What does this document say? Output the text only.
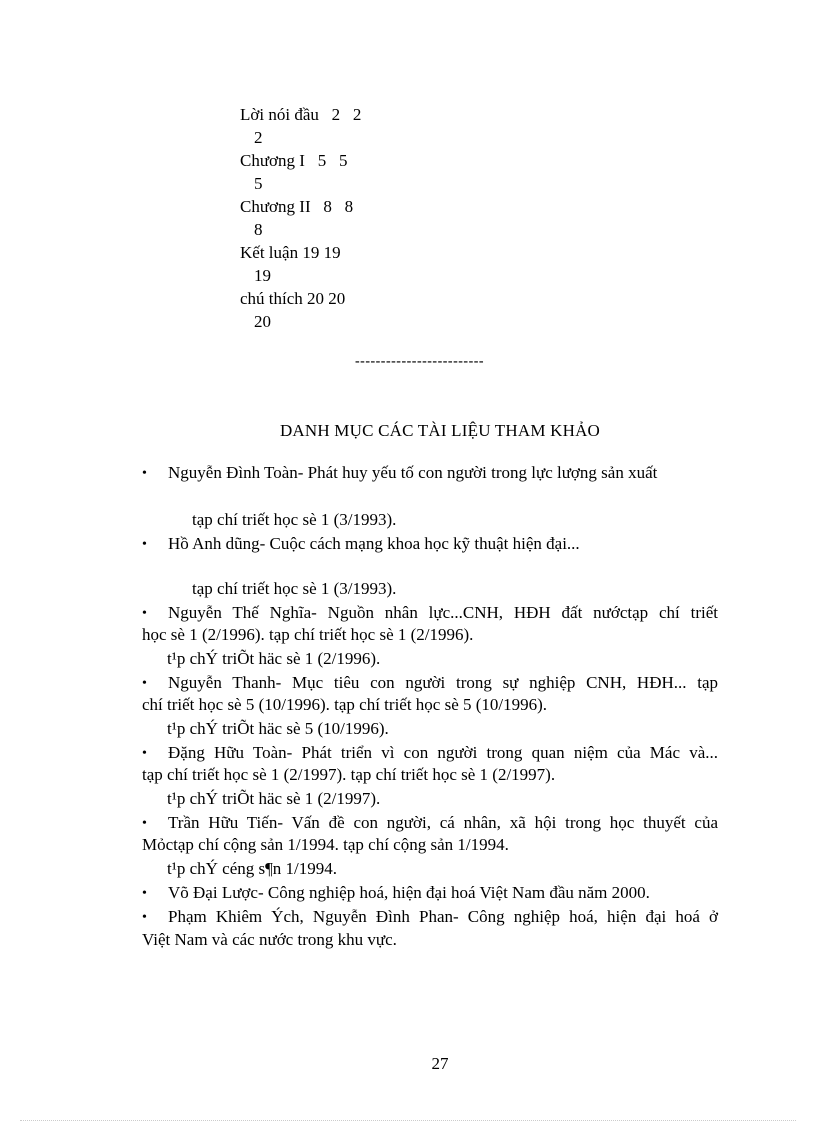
Lời nói đầu   2   2
2
Chương I   5   5
5
Chương II   8   8
8
Kết luận 19 19
19
chú thích 20 20
20
-------------------------
DANH MỤC CÁC TÀI LIỆU THAM KHẢO
• Nguyễn Đình Toàn- Phát huy yếu tố con người trong lực lượng sản xuất
tạp chí triết học sè 1 (3/1993).
• Hồ Anh dũng- Cuộc cách mạng khoa học kỹ thuật hiện đại...
tạp chí triết học sè 1 (3/1993).
• Nguyễn Thế Nghĩa- Nguồn nhân lực...CNH, HĐH đất nướctạp chí triết
học sè 1 (2/1996). tạp chí triết học sè 1 (2/1996).
t¹p chÝ triÕt häc sè 1 (2/1996).
• Nguyễn Thanh- Mục tiêu con người trong sự nghiệp CNH, HĐH... tạp
chí triết học sè 5 (10/1996). tạp chí triết học sè 5 (10/1996).
t¹p chÝ triÕt häc sè 5 (10/1996).
• Đặng Hữu Toàn- Phát triển vì con người trong quan niệm của Mác và...
tạp chí triết học sè 1 (2/1997). tạp chí triết học sè 1 (2/1997).
t¹p chÝ triÕt häc sè 1 (2/1997).
• Trần Hữu Tiến- Vấn đề con người, cá nhân, xã hội trong học thuyết của
Mỏctạp chí cộng sản 1/1994. tạp chí cộng sản 1/1994.
t¹p chÝ céng s¶n 1/1994.
• Võ Đại Lược- Công nghiệp hoá, hiện đại hoá Việt Nam đầu năm 2000.
• Phạm Khiêm Ých, Nguyễn Đình Phan- Công nghiệp hoá, hiện đại hoá ở
Việt Nam và các nước trong khu vực.
27
